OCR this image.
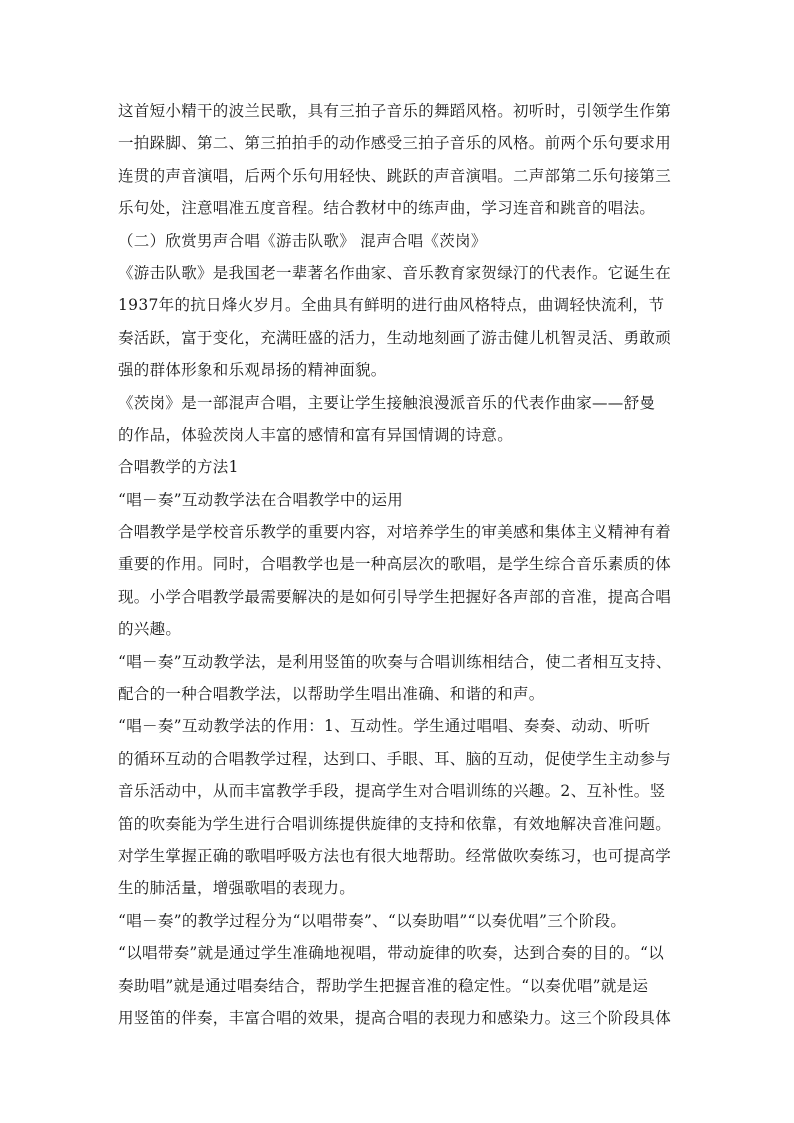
这首短小精干的波兰民歌，具有三拍子音乐的舞蹈风格。初听时，引领学生作第
一拍跺脚、第二、第三拍拍手的动作感受三拍子音乐的风格。前两个乐句要求用
连贯的声音演唱，后两个乐句用轻快、跳跃的声音演唱。二声部第二乐句接第三
乐句处，注意唱准五度音程。结合教材中的练声曲，学习连音和跳音的唱法。
（二）欣赏男声合唱《游击队歌》 混声合唱《茨岗》
《游击队歌》是我国老一辈著名作曲家、音乐教育家贺绿汀的代表作。它诞生在
1937年的抗日烽火岁月。全曲具有鲜明的进行曲风格特点，曲调轻快流利，节
奏活跃，富于变化，充满旺盛的活力，生动地刻画了游击健儿机智灵活、勇敢顽
强的群体形象和乐观昂扬的精神面貌。
《茨岗》是一部混声合唱，主要让学生接触浪漫派音乐的代表作曲家——舒曼
的作品，体验茨岗人丰富的感情和富有异国情调的诗意。
合唱教学的方法1
“唱－奏”互动教学法在合唱教学中的运用
合唱教学是学校音乐教学的重要内容，对培养学生的审美感和集体主义精神有着
重要的作用。同时，合唱教学也是一种高层次的歌唱，是学生综合音乐素质的体
现。小学合唱教学最需要解决的是如何引导学生把握好各声部的音准，提高合唱
的兴趣。
“唱－奏”互动教学法，是利用竖笛的吹奏与合唱训练相结合，使二者相互支持、
配合的一种合唱教学法，以帮助学生唱出准确、和谐的和声。
“唱－奏”互动教学法的作用：1、互动性。学生通过唱唱、奏奏、动动、听听
的循环互动的合唱教学过程，达到口、手眼、耳、脑的互动，促使学生主动参与
音乐活动中，从而丰富教学手段，提高学生对合唱训练的兴趣。2、互补性。竖
笛的吹奏能为学生进行合唱训练提供旋律的支持和依靠，有效地解决音准问题。
对学生掌握正确的歌唱呼吸方法也有很大地帮助。经常做吹奏练习，也可提高学
生的肺活量，增强歌唱的表现力。
“唱－奏”的教学过程分为“以唱带奏”、“以奏助唱”“以奏优唱”三个阶段。
“以唱带奏”就是通过学生准确地视唱，带动旋律的吹奏，达到合奏的目的。“以
奏助唱”就是通过唱奏结合，帮助学生把握音准的稳定性。“以奏优唱”就是运
用竖笛的伴奏，丰富合唱的效果，提高合唱的表现力和感染力。这三个阶段具体
